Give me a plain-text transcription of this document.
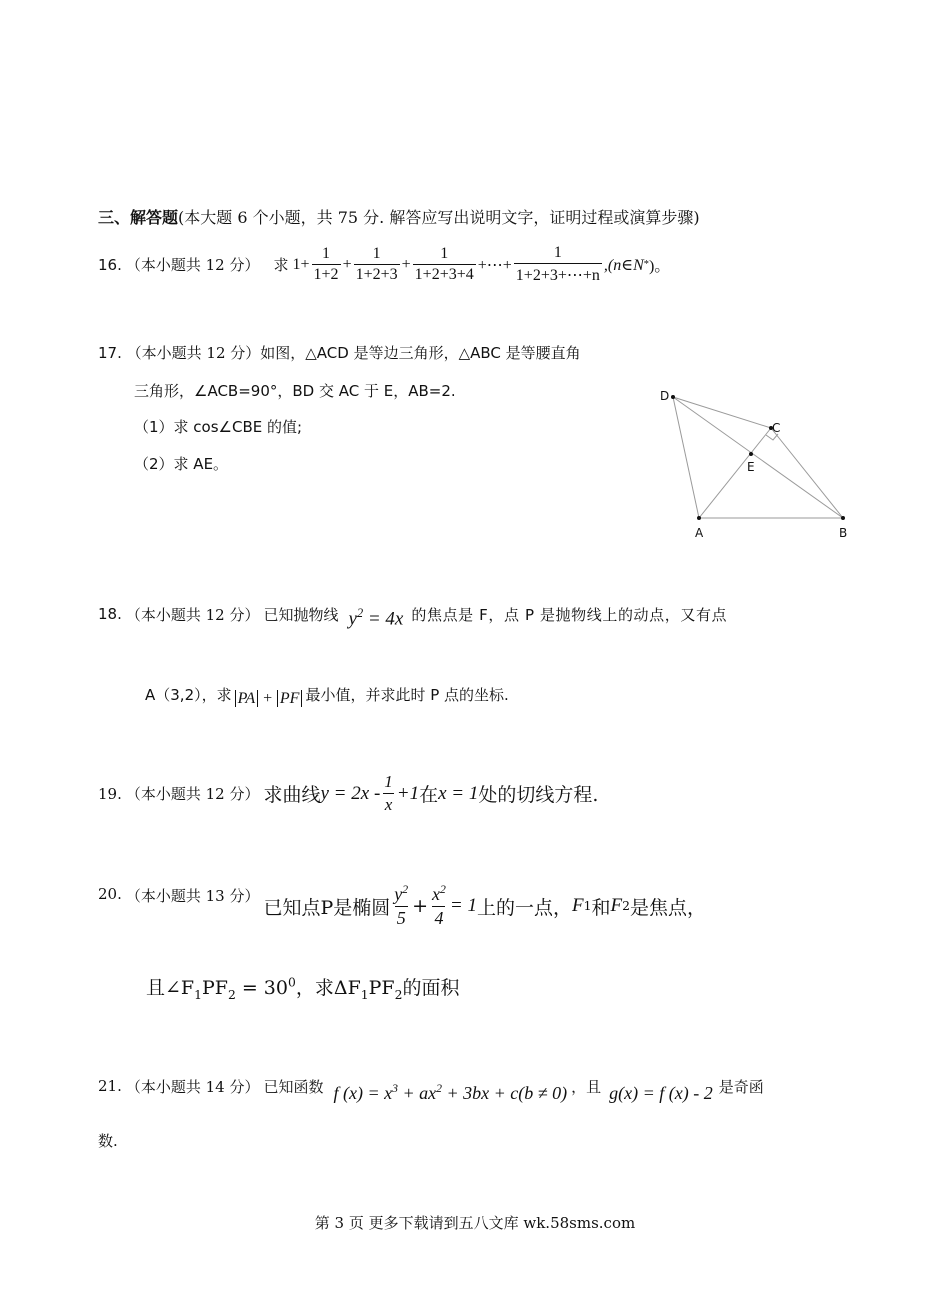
三、解答题(本大题 6 个小题，共 75 分. 解答应写出说明文字，证明过程或演算步骤)
16. （本小题共 12 分） 求 $1 + \frac{1}{1+2} + \frac{1}{1+2+3} + \frac{1}{1+2+3+4}$ +⋯+ $\frac{1}{1+2+3+\cdots+n}$ ,(n∈N * )。
17. （本小题共 12 分）如图，△ACD 是等边三角形，△ABC 是等腰直角
三角形，∠ACB=90°，BD 交 AC 于 E，AB=2.
（1）求 cos∠CBE 的值;
（2）求 AE。
D
C
E
A	B
18. （本小题共 12 分） 已知抛物线 $y^2 = 4x$ 的焦点是 F，点 P 是抛物线上的动点，又有点
A（3,2），求 PA + PF 最小值，并求此时 P 点的坐标.
19. （本小题共 12 分） 求曲线 $y = 2x - \frac{1}{x} +1$ 在 x = 1 处的切线方程.
20. （本小题共 13 分）
已知点P是椭圆 $\frac{y^2}{5} + \frac{x^2}{4} = 1$ 上的一点， F 1 和 F 2 是焦点，
且$\angle F_1PF_2 = 30^0$，求$\Delta F_1PF_2$的面积
21. （本小题共 14 分） 已知函数 f $(x) = x^3 + ax^2 + 3bx + c(b \ne 0)$ ，且 g(x) = f (x) - 2 是奇函
数.
第 3 页 更多下载请到五八文库 wk.58sms.com
